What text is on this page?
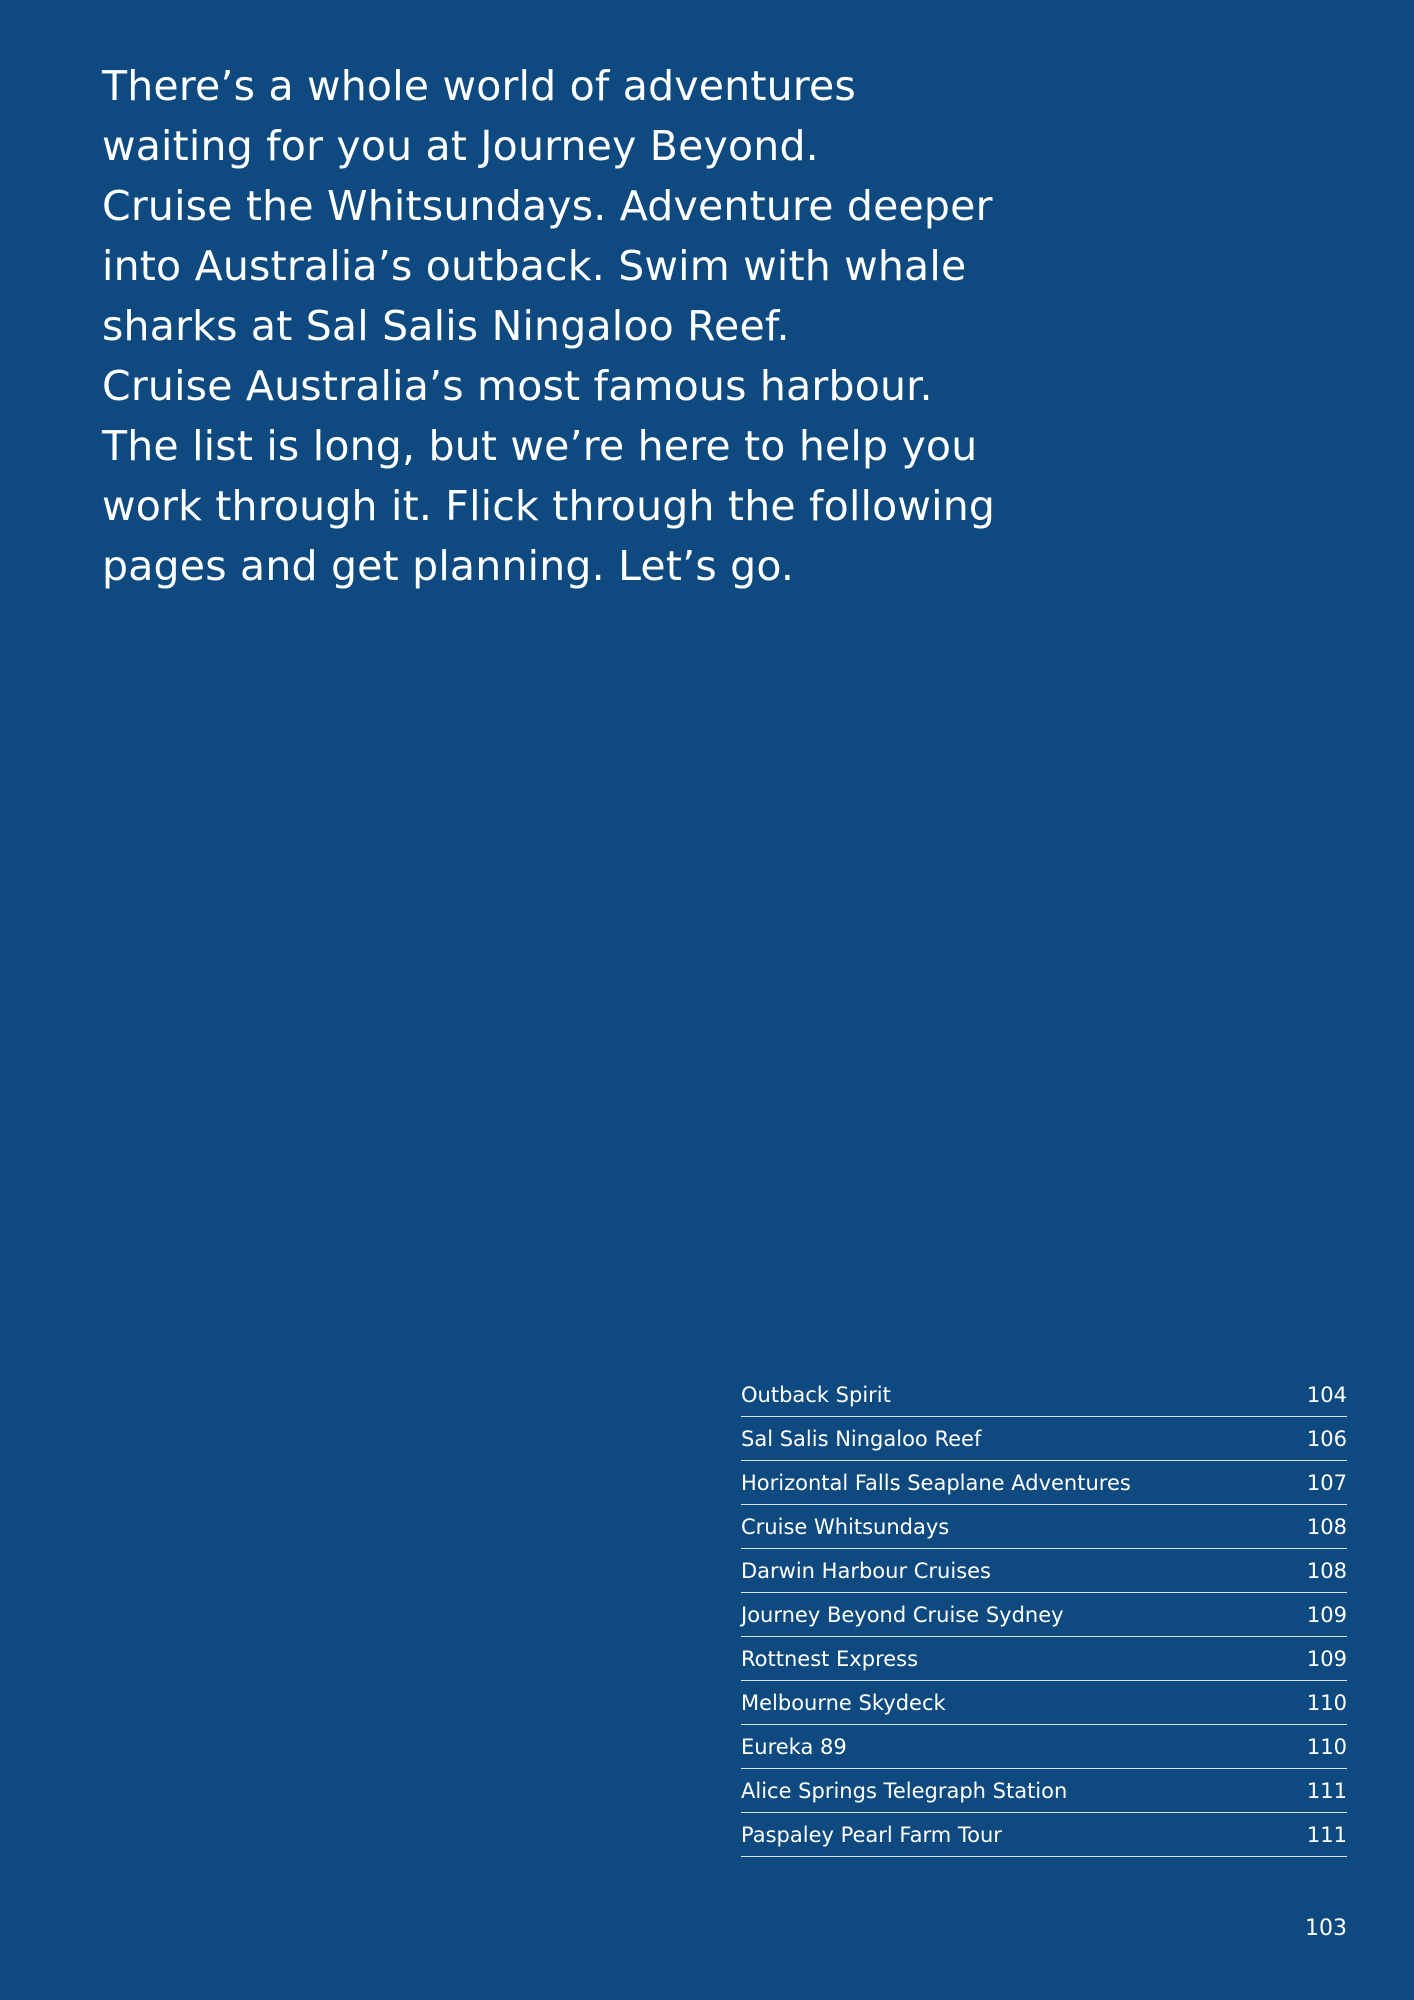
There’s a whole world of adventures
waiting for you at Journey Beyond.
Cruise the Whitsundays. Adventure deeper
into Australia’s outback. Swim with whale
sharks at Sal Salis Ningaloo Reef.
Cruise Australia’s most famous harbour.
The list is long, but we’re here to help you
work through it. Flick through the following
pages and get planning. Let’s go.
Outback Spirit	104
Sal Salis Ningaloo Reef	106
Horizontal Falls Seaplane Adventures	107
Cruise Whitsundays	108
Darwin Harbour Cruises	108
Journey Beyond Cruise Sydney	109
Rottnest Express	109
Melbourne Skydeck	110
Eureka 89	110
Alice Springs Telegraph Station	111
Paspaley Pearl Farm Tour	111
103
